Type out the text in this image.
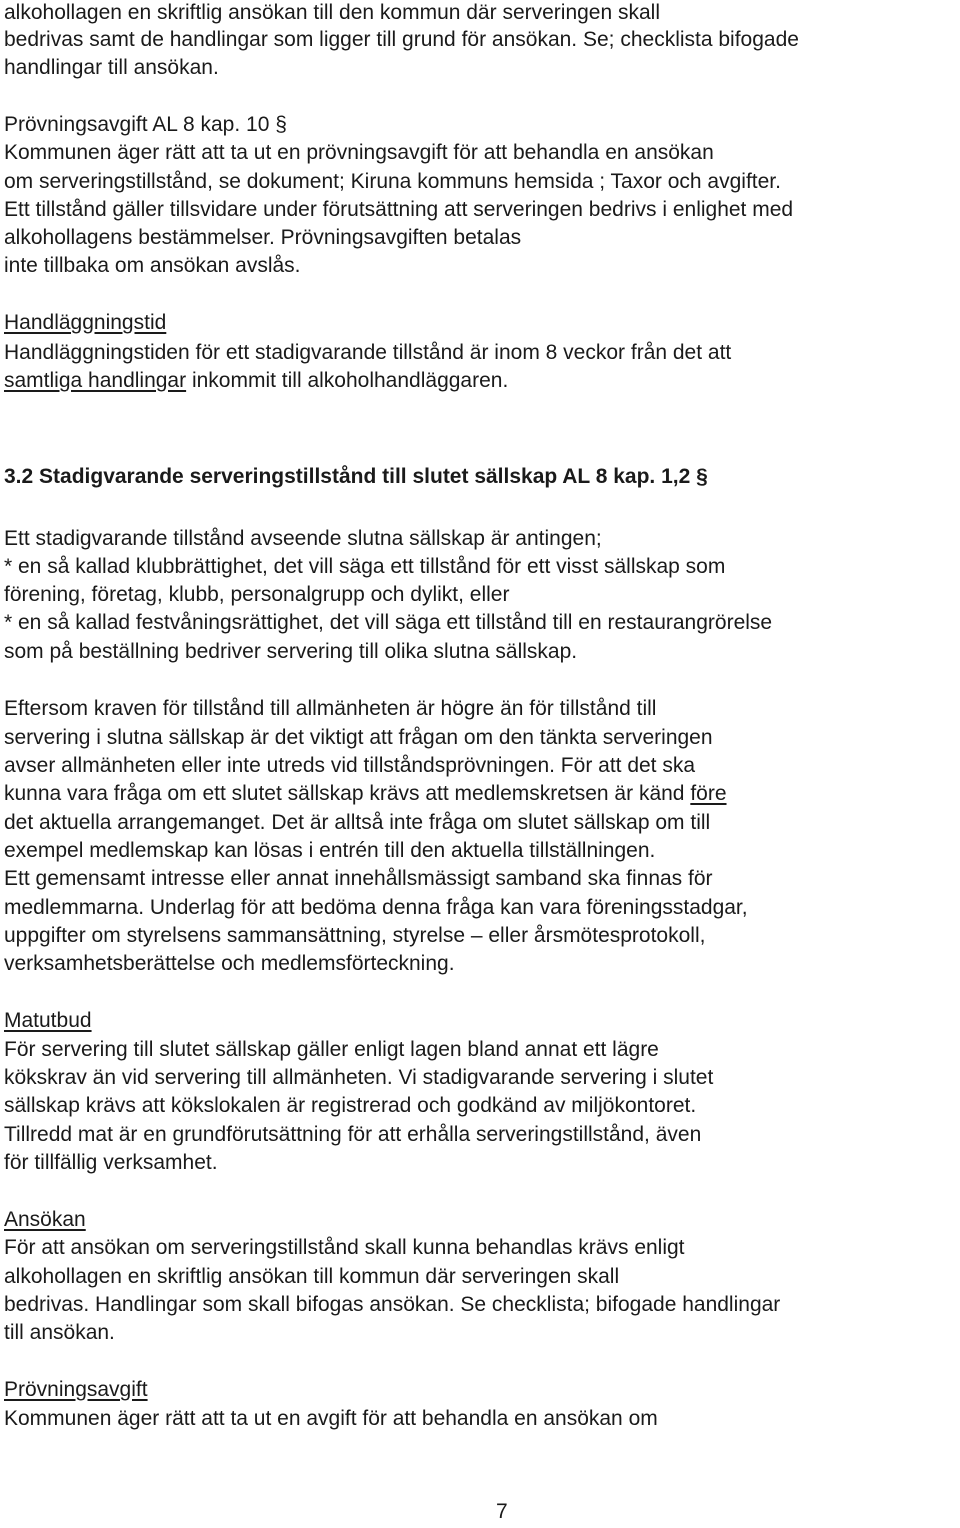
alkohollagen en skriftlig ansökan till den kommun där serveringen skall
bedrivas samt de handlingar som ligger till grund för ansökan. Se; checklista bifogade
handlingar till ansökan.
Prövningsavgift AL 8 kap. 10 §
Kommunen äger rätt att ta ut en prövningsavgift för att behandla en ansökan
om serveringstillstånd, se dokument; Kiruna kommuns hemsida ; Taxor och avgifter.
Ett tillstånd gäller tillsvidare under förutsättning att serveringen bedrivs i enlighet med
alkohollagens bestämmelser. Prövningsavgiften betalas
inte tillbaka om ansökan avslås.
Handläggningstid
Handläggningstiden för ett stadigvarande tillstånd är inom 8 veckor från det att
samtliga handlingar inkommit till alkoholhandläggaren.
3.2 Stadigvarande serveringstillstånd till slutet sällskap AL 8 kap. 1,2 §
Ett stadigvarande tillstånd avseende slutna sällskap är antingen;
* en så kallad klubbrättighet, det vill säga ett tillstånd för ett visst sällskap som
förening, företag, klubb, personalgrupp och dylikt, eller
* en så kallad festvåningsrättighet, det vill säga ett tillstånd till en restaurangrörelse
som på beställning bedriver servering till olika slutna sällskap.
Eftersom kraven för tillstånd till allmänheten är högre än för tillstånd till
servering i slutna sällskap är det viktigt att frågan om den tänkta serveringen
avser allmänheten eller inte utreds vid tillståndsprövningen. För att det ska
kunna vara fråga om ett slutet sällskap krävs att medlemskretsen är känd före
det aktuella arrangemanget. Det är alltså inte fråga om slutet sällskap om till
exempel medlemskap kan lösas i entrén till den aktuella tillställningen.
Ett gemensamt intresse eller annat innehållsmässigt samband ska finnas för
medlemmarna. Underlag för att bedöma denna fråga kan vara föreningsstadgar,
uppgifter om styrelsens sammansättning, styrelse – eller årsmötesprotokoll,
verksamhetsberättelse och medlemsförteckning.
Matutbud
För servering till slutet sällskap gäller enligt lagen bland annat ett lägre
kökskrav än vid servering till allmänheten. Vi stadigvarande servering i slutet
sällskap krävs att kökslokalen är registrerad och godkänd av miljökontoret.
Tillredd mat är en grundförutsättning för att erhålla serveringstillstånd, även
för tillfällig verksamhet.
Ansökan
För att ansökan om serveringstillstånd skall kunna behandlas krävs enligt
alkohollagen en skriftlig ansökan till kommun där serveringen skall
bedrivas. Handlingar som skall bifogas ansökan. Se checklista; bifogade handlingar
till ansökan.
Prövningsavgift
Kommunen äger rätt att ta ut en avgift för att behandla en ansökan om
7
